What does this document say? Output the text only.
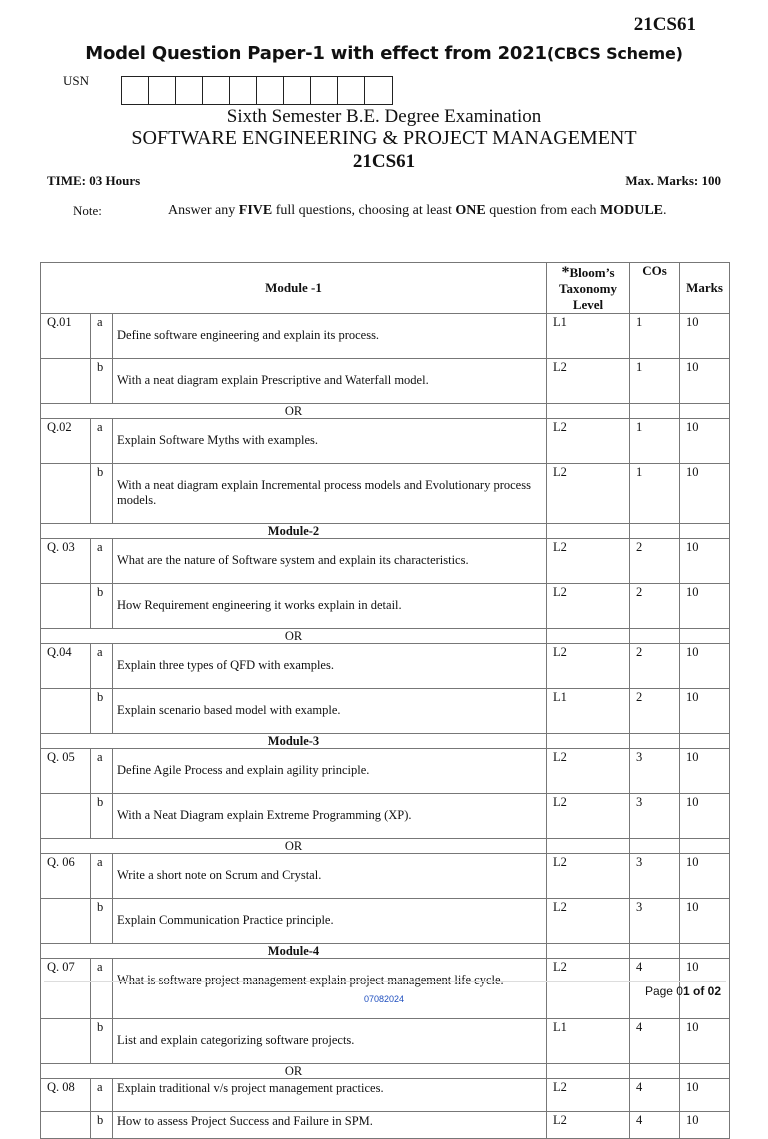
21CS61
Model Question Paper-1 with effect from 2021(CBCS Scheme)
USN
Sixth Semester B.E. Degree Examination
SOFTWARE ENGINEERING & PROJECT MANAGEMENT
21CS61
TIME: 03 Hours	Max. Marks: 100
Note:	Answer any FIVE full questions, choosing at least ONE question from each MODULE.
Module -1			*Bloom’s
Taxonomy
Level	COs	Marks
Q.01	a	Define software engineering and explain its process.	L1	1	10
	b	With a neat diagram explain Prescriptive and Waterfall model.	L2	1	10
OR					
Q.02	a	Explain Software Myths with examples.	L2	1	10
	b	With a neat diagram explain Incremental process models and Evolutionary process models.	L2	1	10
Module-2					
Q. 03	a	What are the nature of Software system and explain its characteristics.	L2	2	10
	b	How Requirement engineering it works explain in detail.	L2	2	10
OR					
Q.04	a	Explain three types of QFD with examples.	L2	2	10
	b	Explain scenario based model with example.	L1	2	10
Module-3					
Q. 05	a	Define Agile Process and explain agility principle.	L2	3	10
	b	With a Neat Diagram explain Extreme Programming (XP).	L2	3	10
OR					
Q. 06	a	Write a short note on Scrum and Crystal.	L2	3	10
	b	Explain Communication Practice principle.	L2	3	10
Module-4					
Q. 07	a	What is software project management explain project management life cycle.	L2	4	10
	b	List and explain categorizing software projects.	L1	4	10
OR					
Q. 08	a	Explain traditional v/s project management practices.	L2	4	10
	b	How to assess Project Success and Failure in SPM.	L2	4	10
Page 01 of 02
07082024
